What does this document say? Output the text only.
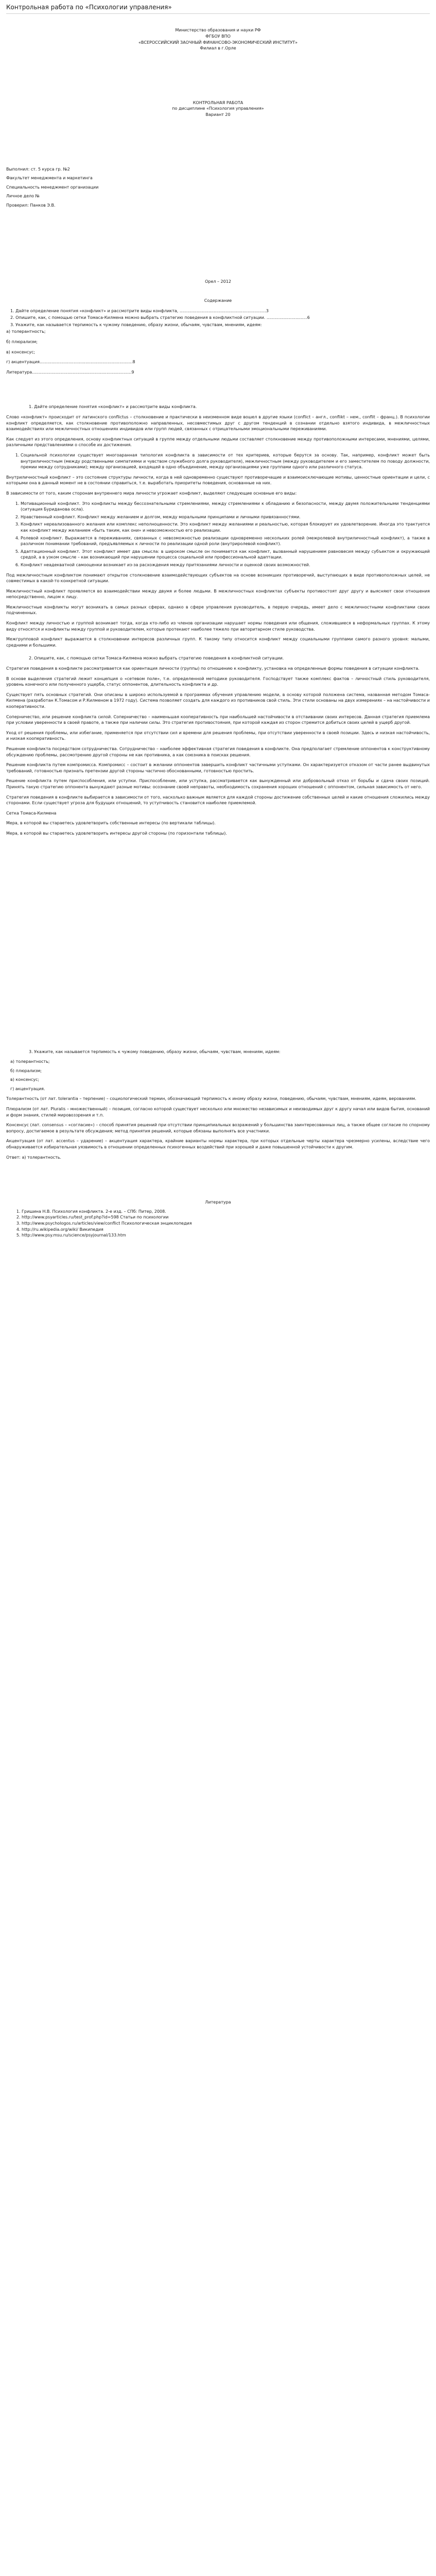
Контрольная работа по «Психологии управления»

Министерство образования и науки РФ

ФГБОУ ВПО

«ВСЕРОССИЙСКИЙ ЗАОЧНЫЙ ФИНАНСОВО-ЭКОНОМИЧЕСКИЙ ИНСТИТУТ»

Филиал в г.Орле

КОНТРОЛЬНАЯ РАБОТА

по дисциплине «Психология управления»

Вариант 20

Выполнил: ст. 5 курса гр. №2

Факультет менеджмента и маркетинга

Специальность менеджмент организации

Личное дело №

Проверил: Панков Э.В.

Орел – 2012

Содержание

1. Дайте определение понятия «конфликт» и рассмотрите виды конфликта, ..................................................................3

2. Опишите, как, с помощью сетки Томаса-Килмена можно выбрать стратегию поведения в конфликтной ситуации. ...............................6

3. Укажите, как называется терпимость к чужому поведению, образу жизни, обычаям, чувствам, мнениям, идеям:

а) толерантность;

б) плюрализм;

в) консенсус;

г) акцентуация.......................................................................8

Литература............................................................................9

1. Дайте определение понятия «конфликт» и рассмотрите виды конфликта.

Слово «конфликт» происходит от латинского conflictus – столкновение и практически в неизменном виде вошел в другие языки (conflict – англ., conflikt – нем., conflit – франц.). В психологии конфликт определяется, как столкновение противоположно направленных, несовместимых друг с другом тенденций в сознании отдельно взятого индивида, в межличностных взаимодействиях или межличностных отношениях индивидов или групп людей, связанных с отрицательными эмоциональными переживаниями.

Как следует из этого определения, основу конфликтных ситуаций в группе между отдельными людьми составляет столкновение между противоположными интересами, мнениями, целями, различными представлениями о способе их достижения.

1. Социальной психологии существует многоаранная типология конфликта в зависимости от тех критериев, которые берутся за основу. Так, например, конфликт может быть внутриличностным (между родственными симпатиями и чувством служебного долга руководителя), межличностным (между руководителем и его заместителем по поводу должности, премии между сотрудниками); между организацией, входящей в одно объединение, между организациями уже группами одного или различного статуса.

Внутриличностный конфликт – это состояние структуры личности, когда в ней одновременно существуют противоречащие и взаимоисключающие мотивы, ценностные ориентации и цели, с которыми она в данный момент не в состоянии справиться, т.е. выработать приоритеты поведения, основанные на них.

В зависимости от того, каким сторонам внутреннего мира личности угрожает конфликт, выделяют следующие основные его виды:

1. Мотивационный конфликт. Это конфликты между бессознательными стремлениями, между стремлениями к обладанию и безопасности, между двумя положительными тенденциями (ситуация Буриданова осла).
2. Нравственный конфликт. Конфликт между желанием и долгом, между моральными принципами и личными привязанностями.
3. Конфликт нереализованного желания или комплекс неполноценности. Это конфликт между желаниями и реальностью, которая блокирует их удовлетворение. Иногда это трактуется как конфликт между желанием «быть таким, как они» и невозможностью его реализации.
4. Ролевой конфликт. Выражается в переживаниях, связанных с невозможностью реализации одновременно нескольких ролей (межролевой внутриличностный конфликт), а также в различном понимании требований, предъявляемых к личности по реализации одной роли (внутриролевой конфликт).
5. Адаптационный конфликт. Этот конфликт имеет два смысла: в широком смысле он понимается как конфликт, вызванный нарушением равновесия между субъектом и окружающей средой, а в узком смысле – как возникающий при нарушении процесса социальной или профессиональной адаптации.
6. Конфликт неадекватной самооценки возникает из-за расхождения между притязаниями личности и оценкой своих возможностей.

Под межличностным конфликтом понимают открытое столкновение взаимодействующих субъектов на основе возникших противоречий, выступающих в виде противоположных целей, не совместимых в какой-то конкретной ситуации.

Межличностный конфликт проявляется во взаимодействии между двумя и более людьми. В межличностных конфликтах субъекты противостоят друг другу и выясняют свои отношения непосредственно, лицом к лицу.

Межличностные конфликты могут возникать в самых разных сферах, однако в сфере управления руководитель, в первую очередь, имеет дело с межличностными конфликтами своих подчиненных.

Конфликт между личностью и группой возникает тогда, когда кто-либо из членов организации нарушает нормы поведения или общения, сложившиеся в неформальных группах. К этому виду относятся и конфликты между группой и руководителем, которые протекают наиболее тяжело при авторитарном стиле руководства.

Межгрупповой конфликт выражается в столкновении интересов различных групп. К такому типу относится конфликт между социальными группами самого разного уровня: малыми, средними и большими.

2. Опишите, как, с помощью сетки Томаса-Килмена можно выбрать стратегию поведения в конфликтной ситуации.

Стратегия поведения в конфликте рассматривается как ориентация личности (группы) по отношению к конфликту, установка на определенные формы поведения в ситуации конфликта.

В основе выделения стратегий лежит концепция о «сетевом поле», т.е. определенной методике руководителя. Господствует также комплекс фактов – личностный стиль руководителя, уровень конечного или полученного ущерба, статус оппонентов, длительность конфликта и др.

Существует пять основных стратегий. Они описаны в широко используемой в программах обучения управлению модели, в основу которой положена система, названная методом Томаса-Килмена (разработан К.Томасом и Р.Килменом в 1972 году). Система позволяет создать для каждого из противников свой стиль. Эти стили основаны на двух измерениях – на настойчивости и кооперативности.

Соперничество, или решение конфликта силой. Соперничество – наименьшая кооперативность при наибольшей настойчивости в отстаивании своих интересов. Данная стратегия приемлема при условии уверенности в своей правоте, а также при наличии силы. Это стратегия противостояния, при которой каждая из сторон стремится добиться своих целей в ущерб другой.

Уход от решения проблемы, или избегание, применяется при отсутствии сил и времени для решения проблемы, при отсутствии уверенности в своей позиции. Здесь и низкая настойчивость, и низкая кооперативность.

Решение конфликта посредством сотрудничества. Сотрудничество – наиболее эффективная стратегия поведения в конфликте. Она предполагает стремление оппонентов к конструктивному обсуждению проблемы, рассмотрению другой стороны не как противника, а как союзника в поисках решения.

Решение конфликта путем компромисса. Компромисс – состоит в желании оппонентов завершить конфликт частичными уступками. Он характеризуется отказом от части ранее выдвинутых требований, готовностью признать претензии другой стороны частично обоснованными, готовностью простить.

Решение конфликта путем приспособления, или уступки. Приспособление, или уступка, рассматривается как вынужденный или добровольный отказ от борьбы и сдача своих позиций. Принять такую стратегию оппонента вынуждают разные мотивы: осознание своей неправоты, необходимость сохранения хороших отношений с оппонентом, сильная зависимость от него.

Стратегия поведения в конфликте выбирается в зависимости от того, насколько важным является для каждой стороны достижение собственных целей и какие отношения сложились между сторонами. Если существует угроза для будущих отношений, то уступчивость становится наиболее приемлемой.

Сетка Томаса-Килмена

Мера, в которой вы стараетесь удовлетворить собственные интересы (по вертикали таблицы).

Мера, в которой вы стараетесь удовлетворить интересы другой стороны (по горизонтали таблицы).

3. Укажите, как называется терпимость к чужому поведению, образу жизни, обычаям, чувствам, мнениям, идеям:

а) толерантность;

б) плюрализм;

в) консенсус;

г) акцентуация.

Толерантность (от лат. tolerantia – терпение) – социологический термин, обозначающий терпимость к иному образу жизни, поведению, обычаям, чувствам, мнениям, идеям, верованиям.

Плюрализм (от лат. Pluralis – множественный) – позиция, согласно которой существует несколько или множество независимых и неизводимых друг к другу начал или видов бытия, оснований и форм знания, стилей мировоззрения и т.п.

Консенсус (лат. consensus – «согласие») – способ принятия решений при отсутствии принципиальных возражений у большинства заинтересованных лиц, а также общее согласие по спорному вопросу, достигаемое в результате обсуждения; метод принятия решений, которые обязаны выполнять все участники.

Акцентуация (от лат. accentus – ударение) – акцентуация характера, крайние варианты нормы характера, при которых отдельные черты характера чрезмерно усилены, вследствие чего обнаруживается избирательная уязвимость в отношении определенных психогенных воздействий при хорошей и даже повышенной устойчивости к другим.

Ответ: а) толерантность.

Литература

1. Гришина Н.В. Психология конфликта. 2-е изд. – СПб: Питер, 2008.
2. http://www.psyarticles.ru/test_prof.php?id=598 Статьи по психологии
3. http://www.psychologos.ru/articles/view/conflict Психологическая энциклопедия
4. http://ru.wikipedia.org/wiki/ Википедия
5. http://www.psy.msu.ru/science/psyjournal/133.htm
